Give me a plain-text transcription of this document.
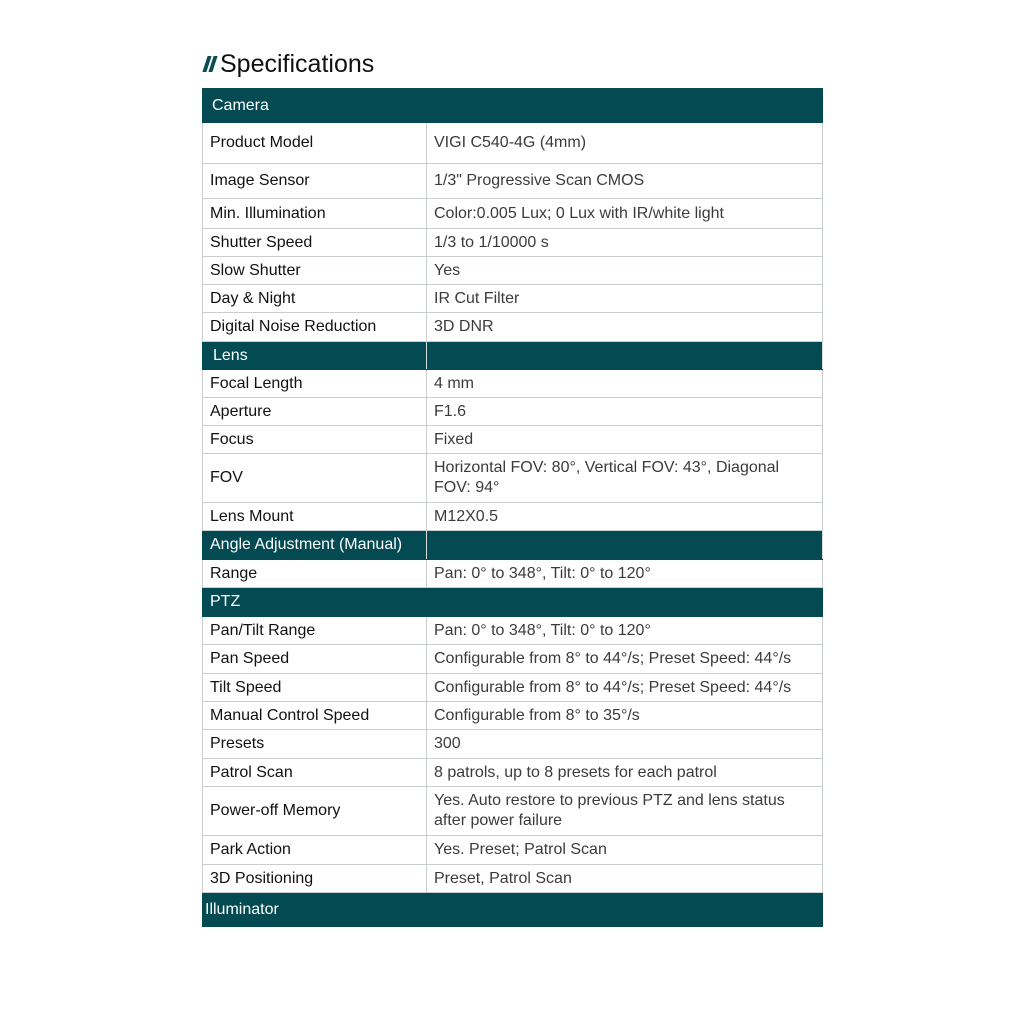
Specifications
Camera	
Product Model	VIGI C540-4G (4mm)
Image Sensor	1/3" Progressive Scan CMOS
Min. Illumination	Color:0.005 Lux; 0 Lux with IR/white light
Shutter Speed	1/3 to 1/10000 s
Slow Shutter	Yes
Day & Night	IR Cut Filter
Digital Noise Reduction	3D DNR
Lens	
Focal Length	4 mm
Aperture	F1.6
Focus	Fixed
FOV	Horizontal FOV: 80°, Vertical FOV: 43°, Diagonal
FOV: 94°

Lens Mount	M12X0.5
Angle Adjustment (Manual)	
Range	Pan: 0° to 348°, Tilt: 0° to 120°
PTZ	
Pan/Tilt Range	Pan: 0° to 348°, Tilt: 0° to 120°
Pan Speed	Configurable from 8° to 44°/s; Preset Speed: 44°/s
Tilt Speed	Configurable from 8° to 44°/s; Preset Speed: 44°/s
Manual Control Speed	Configurable from 8° to 35°/s
Presets	300
Patrol Scan	8 patrols, up to 8 presets for each patrol
Power-off Memory	Yes. Auto restore to previous PTZ and lens status
after power failure

Park Action	Yes. Preset; Patrol Scan
3D Positioning	Preset, Patrol Scan
Illuminator	
